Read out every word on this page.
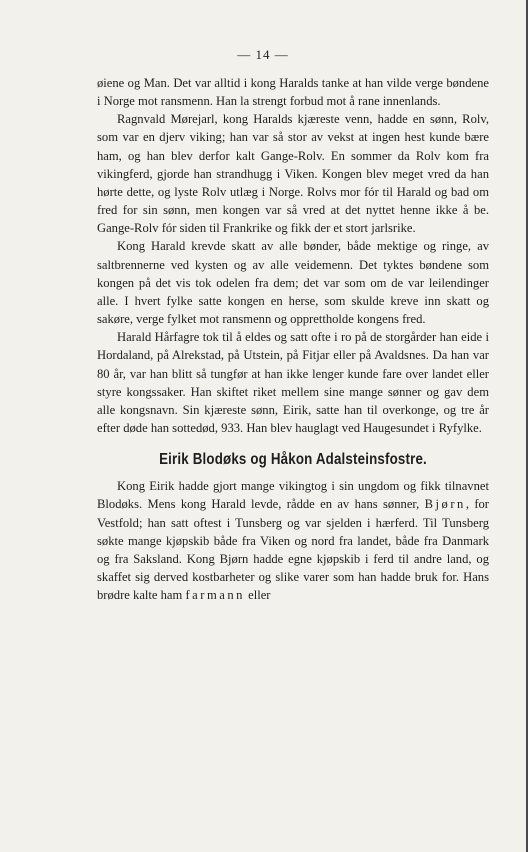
— 14 —

øiene og Man. Det var alltid i kong Haralds tanke at han vilde verge bøndene i Norge mot ransmenn. Han la strengt forbud mot å rane innenlands.

Ragnvald Mørejarl, kong Haralds kjæreste venn, hadde en sønn, Rolv, som var en djerv viking; han var så stor av vekst at ingen hest kunde bære ham, og han blev derfor kalt Gange-Rolv. En sommer da Rolv kom fra vikingferd, gjorde han strandhugg i Viken. Kongen blev meget vred da han hørte dette, og lyste Rolv utlæg i Norge. Rolvs mor fór til Harald og bad om fred for sin sønn, men kongen var så vred at det nyttet henne ikke å be. Gange-Rolv fór siden til Frankrike og fikk der et stort jarlsrike.

Kong Harald krevde skatt av alle bønder, både mektige og ringe, av saltbrennerne ved kysten og av alle veidemenn. Det tyktes bøndene som kongen på det vis tok odelen fra dem; det var som om de var leilendinger alle. I hvert fylke satte kongen en herse, som skulde kreve inn skatt og sakøre, verge fylket mot ransmenn og opprettholde kongens fred.

Harald Hårfagre tok til å eldes og satt ofte i ro på de storgårder han eide i Hordaland, på Alrekstad, på Utstein, på Fitjar eller på Avaldsnes. Da han var 80 år, var han blitt så tungfør at han ikke lenger kunde fare over landet eller styre kongssaker. Han skiftet riket mellem sine mange sønner og gav dem alle kongsnavn. Sin kjæreste sønn, Eirik, satte han til overkonge, og tre år efter døde han sottedød, 933. Han blev hauglagt ved Haugesundet i Ryfylke.

Eirik Blodøks og Håkon Adalsteinsfostre.

Kong Eirik hadde gjort mange vikingtog i sin ungdom og fikk tilnavnet Blodøks. Mens kong Harald levde, rådde en av hans sønner, Bjørn, for Vestfold; han satt oftest i Tunsberg og var sjelden i hærferd. Til Tunsberg søkte mange kjøpskib både fra Viken og nord fra landet, både fra Danmark og fra Saksland. Kong Bjørn hadde egne kjøpskib i ferd til andre land, og skaffet sig derved kostbarheter og slike varer som han hadde bruk for. Hans brødre kalte ham farmann eller
